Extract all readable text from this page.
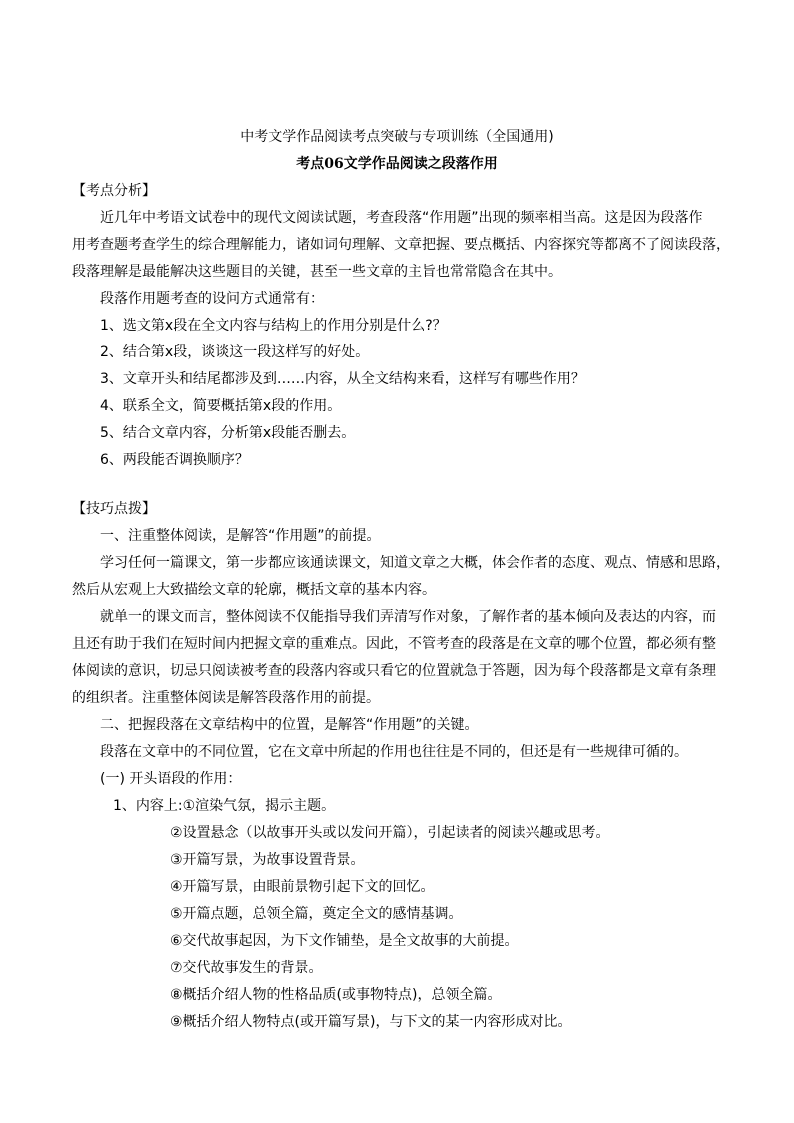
中考文学作品阅读考点突破与专项训练（全国通用)
考点06文学作品阅读之段落作用
【考点分析】
近几年中考语文试卷中的现代文阅读试题，考查段落“作用题”出现的频率相当高。这是因为段落作
用考查题考查学生的综合理解能力，诸如词句理解、文章把握、要点概括、内容探究等都离不了阅读段落，
段落理解是最能解决这些题目的关键，甚至一些文章的主旨也常常隐含在其中。
段落作用题考查的设问方式通常有：
1、选文第x段在全文内容与结构上的作用分别是什么?？
2、结合第x段，谈谈这一段这样写的好处。
3、文章开头和结尾都涉及到……内容，从全文结构来看，这样写有哪些作用？
4、联系全文，简要概括第x段的作用。
5、结合文章内容，分析第x段能否删去。
6、两段能否调换顺序？
【技巧点拨】
一、注重整体阅读，是解答“作用题”的前提。
学习任何一篇课文，第一步都应该通读课文，知道文章之大概，体会作者的态度、观点、情感和思路，
然后从宏观上大致描绘文章的轮廓，概括文章的基本内容。
就单一的课文而言，整体阅读不仅能指导我们弄清写作对象，了解作者的基本倾向及表达的内容，而
且还有助于我们在短时间内把握文章的重难点。因此，不管考查的段落是在文章的哪个位置，都必须有整
体阅读的意识，切忌只阅读被考查的段落内容或只看它的位置就急于答题，因为每个段落都是文章有条理
的组织者。注重整体阅读是解答段落作用的前提。
二、把握段落在文章结构中的位置，是解答“作用题”的关键。
段落在文章中的不同位置，它在文章中所起的作用也往往是不同的，但还是有一些规律可循的。
(一) 开头语段的作用：
1、内容上:①渲染气氛，揭示主题。
②设置悬念（以故事开头或以发问开篇），引起读者的阅读兴趣或思考。
③开篇写景，为故事设置背景。
④开篇写景，由眼前景物引起下文的回忆。
⑤开篇点题，总领全篇，奠定全文的感情基调。
⑥交代故事起因，为下文作铺垫，是全文故事的大前提。
⑦交代故事发生的背景。
⑧概括介绍人物的性格品质(或事物特点)，总领全篇。
⑨概括介绍人物特点(或开篇写景)，与下文的某一内容形成对比。
